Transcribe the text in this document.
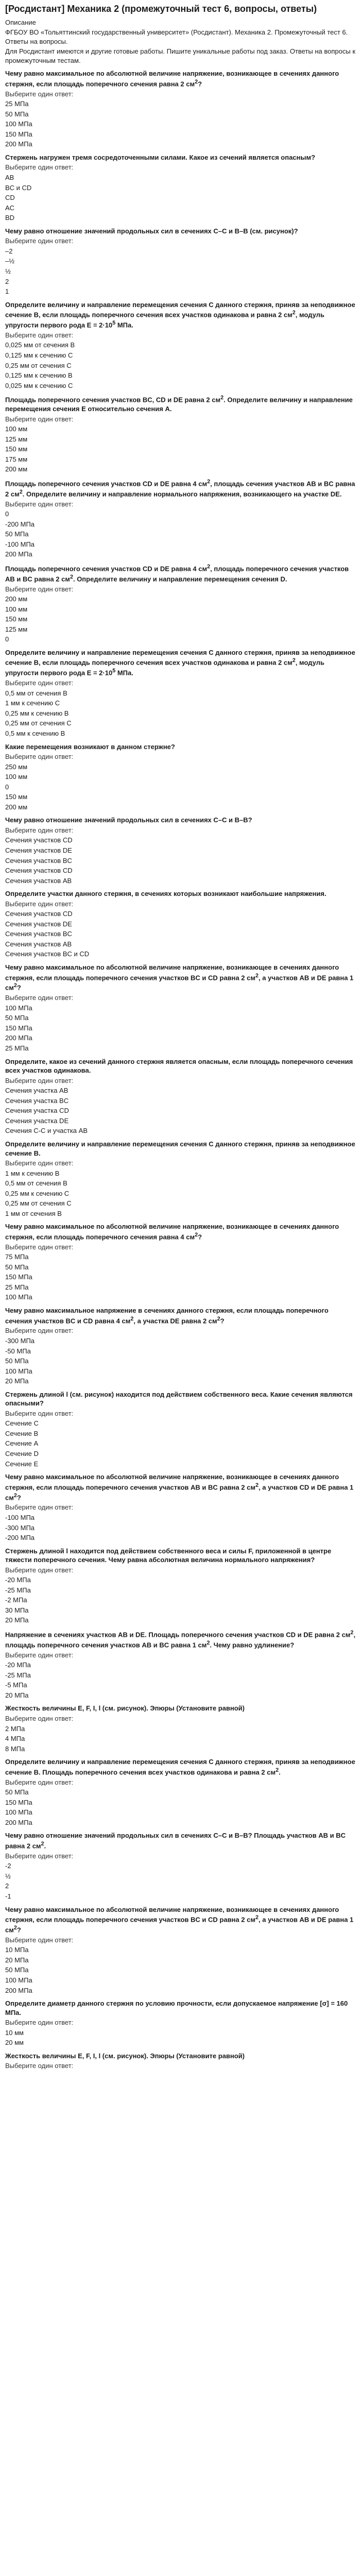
[Росдистант] Механика 2 (промежуточный тест 6, вопросы, ответы)
Описание
ФГБОУ ВО «Тольяттинский государственный университет» (Росдистант). Механика 2. Промежуточный тест 6. Ответы на вопросы.
Для Росдистант имеются и другие готовые работы. Пишите уникальные работы под заказ. Ответы на вопросы к промежуточным тестам.
Чему равно максимальное по абсолютной величине напряжение, возникающее в сечениях данного стержня, если площадь поперечного сечения равна 2 $см^2$?
Выберите один ответ:
25 МПа
50 МПа
100 МПа
150 МПа
200 МПа
Стержень нагружен тремя сосредоточенными силами. Какое из сечений является опасным?
Выберите один ответ:
AB
BC и CD
CD
AC
BD
Чему равно отношение значений продольных сил в сечениях C–C и B–B (см. рисунок)?
Выберите один ответ:
–2
–½
½
2
1
Определите величину и направление перемещения сечения C данного стержня, приняв за неподвижное сечение B, если площадь поперечного сечения всех участков одинакова и равна 2 $см^2$, модуль упругости первого рода $E = 2\cdot 10^5$ МПа.
Выберите один ответ:
0,025 мм от сечения B
0,125 мм к сечению C
0,25 мм от сечения C
0,125 мм к сечению B
0,025 мм к сечению C
Площадь поперечного сечения участков BC, CD и DE равна 2 $см^2$. Определите величину и направление перемещения сечения E относительно сечения A.
Выберите один ответ:
100 мм
125 мм
150 мм
175 мм
200 мм
Площадь поперечного сечения участков CD и DE равна 4 $см^2$, площадь сечения участков AB и BC равна 2 $см^2$. Определите величину и направление нормального напряжения, возникающего на участке DE.
Выберите один ответ:
0
-200 МПа
50 МПа
-100 МПа
200 МПа
Площадь поперечного сечения участков CD и DE равна 4 $см^2$, площадь поперечного сечения участков AB и BC равна 2 $см^2$. Определите величину и направление перемещения сечения D.
Выберите один ответ:
200 мм
100 мм
150 мм
125 мм
0
Определите величину и направление перемещения сечения C данного стержня, приняв за неподвижное сечение B, если площадь поперечного сечения всех участков одинакова и равна 2 $см^2$, модуль упругости первого рода $E = 2\cdot 10^5$ МПа.
Выберите один ответ:
0,5 мм от сечения B
1 мм к сечению C
0,25 мм к сечению B
0,25 мм от сечения C
0,5 мм к сечению B
Какие перемещения возникают в данном стержне?
Выберите один ответ:
250 мм
100 мм
0
150 мм
200 мм
Чему равно отношение значений продольных сил в сечениях C–C и B–B?
Выберите один ответ:
Сечения участков CD
Сечения участков DE
Сечения участков BC
Сечения участков CD
Сечения участков AB
Определите участки данного стержня, в сечениях которых возникают наибольшие напряжения.
Выберите один ответ:
Сечения участков CD
Сечения участков DE
Сечения участков BC
Сечения участков AB
Сечения участков BC и CD
Чему равно максимальное по абсолютной величине напряжение, возникающее в сечениях данного стержня, если площадь поперечного сечения участков BC и CD равна 2 $см^2$, а участков AB и DE равна 1 $см^2$?
Выберите один ответ:
100 МПа
50 МПа
150 МПа
200 МПа
25 МПа
Определите, какое из сечений данного стержня является опасным, если площадь поперечного сечения всех участков одинакова.
Выберите один ответ:
Сечения участка AB
Сечения участка BC
Сечения участка CD
Сечения участка DE
Сечения С-С и участка AB
Определите величину и направление перемещения сечения C данного стержня, приняв за неподвижное сечение B.
Выберите один ответ:
1 мм к сечению B
0,5 мм от сечения B
0,25 мм к сечению C
0,25 мм от сечения C
1 мм от сечения B
Чему равно максимальное по абсолютной величине напряжение, возникающее в сечениях данного стержня, если площадь поперечного сечения равна 4 $см^2$?
Выберите один ответ:
75 МПа
50 МПа
150 МПа
25 МПа
100 МПа
Чему равно максимальное напряжение в сечениях данного стержня, если площадь поперечного сечения участков BC и CD равна 4 $см^2$, а участка DE равна 2 $см^2$?
Выберите один ответ:
-300 МПа
-50 МПа
50 МПа
100 МПа
20 МПа
Стержень длиной l (см. рисунок) находится под действием собственного веса. Какие сечения являются опасными?
Выберите один ответ:
Сечение C
Сечение B
Сечение A
Сечение D
Сечение E
Чему равно максимальное по абсолютной величине напряжение, возникающее в сечениях данного стержня, если площадь поперечного сечения участков AB и BC равна 2 $см^2$, а участков CD и DE равна 1 $см^2$?
Выберите один ответ:
-100 МПа
-300 МПа
-200 МПа
Стержень длиной l находится под действием собственного веса и силы F, приложенной в центре тяжести поперечного сечения. Чему равна абсолютная величина нормального напряжения?
Выберите один ответ:
-20 МПа
-25 МПа
-2 МПа
30 МПа
20 МПа
Напряжение в сечениях участков AB и DE. Площадь поперечного сечения участков CD и DE равна 2 $см^2$, площадь поперечного сечения участков AB и BC равна 1 $см^2$. Чему равно удлинение?
Выберите один ответ:
-20 МПа
-25 МПа
-5 МПа
20 МПа
Жесткость величины E, F, I, l (см. рисунок). Эпюры (Установите равной)
Выберите один ответ:
2 МПа
4 МПа
8 МПа
Определите величину и направление перемещения сечения C данного стержня, приняв за неподвижное сечение B. Площадь поперечного сечения всех участков одинакова и равна 2 $см^2$.
Выберите один ответ:
50 МПа
150 МПа
100 МПа
200 МПа
Чему равно отношение значений продольных сил в сечениях C–C и B–B? Площадь участков AB и BC равна 2 $см^2$.
Выберите один ответ:
-2
½
2
-1
Чему равно максимальное по абсолютной величине напряжение, возникающее в сечениях данного стержня, если площадь поперечного сечения участков BC и CD равна 2 $см^2$, а участков AB и DE равна 1 $см^2$?
Выберите один ответ:
10 МПа
20 МПа
50 МПа
100 МПа
200 МПа
Определите диаметр данного стержня по условию прочности, если допускаемое напряжение [σ] = 160 МПа.
Выберите один ответ:
10 мм
20 мм
Жесткость величины E, F, I, l (см. рисунок). Эпюры (Установите равной)
Выберите один ответ:
